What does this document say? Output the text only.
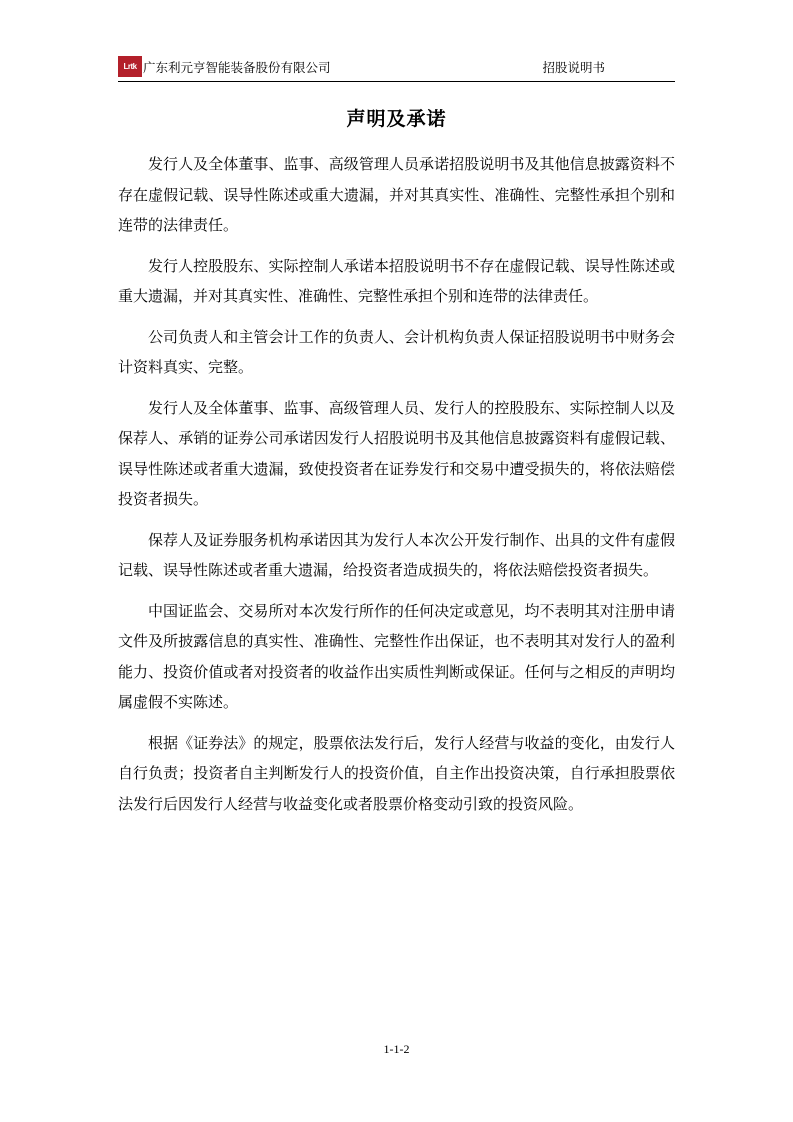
Lrtk 广东利元亨智能装备股份有限公司	招股说明书
声明及承诺

发行人及全体董事、监事、高级管理人员承诺招股说明书及其他信息披露资料不存在虚假记载、误导性陈述或重大遗漏，并对其真实性、准确性、完整性承担个别和连带的法律责任。

发行人控股股东、实际控制人承诺本招股说明书不存在虚假记载、误导性陈述或重大遗漏，并对其真实性、准确性、完整性承担个别和连带的法律责任。

公司负责人和主管会计工作的负责人、会计机构负责人保证招股说明书中财务会计资料真实、完整。

发行人及全体董事、监事、高级管理人员、发行人的控股股东、实际控制人以及保荐人、承销的证券公司承诺因发行人招股说明书及其他信息披露资料有虚假记载、误导性陈述或者重大遗漏，致使投资者在证券发行和交易中遭受损失的，将依法赔偿投资者损失。

保荐人及证券服务机构承诺因其为发行人本次公开发行制作、出具的文件有虚假记载、误导性陈述或者重大遗漏，给投资者造成损失的，将依法赔偿投资者损失。

中国证监会、交易所对本次发行所作的任何决定或意见，均不表明其对注册申请文件及所披露信息的真实性、准确性、完整性作出保证，也不表明其对发行人的盈利能力、投资价值或者对投资者的收益作出实质性判断或保证。任何与之相反的声明均属虚假不实陈述。

根据《证券法》的规定，股票依法发行后，发行人经营与收益的变化，由发行人自行负责；投资者自主判断发行人的投资价值，自主作出投资决策，自行承担股票依法发行后因发行人经营与收益变化或者股票价格变动引致的投资风险。

1-1-2
